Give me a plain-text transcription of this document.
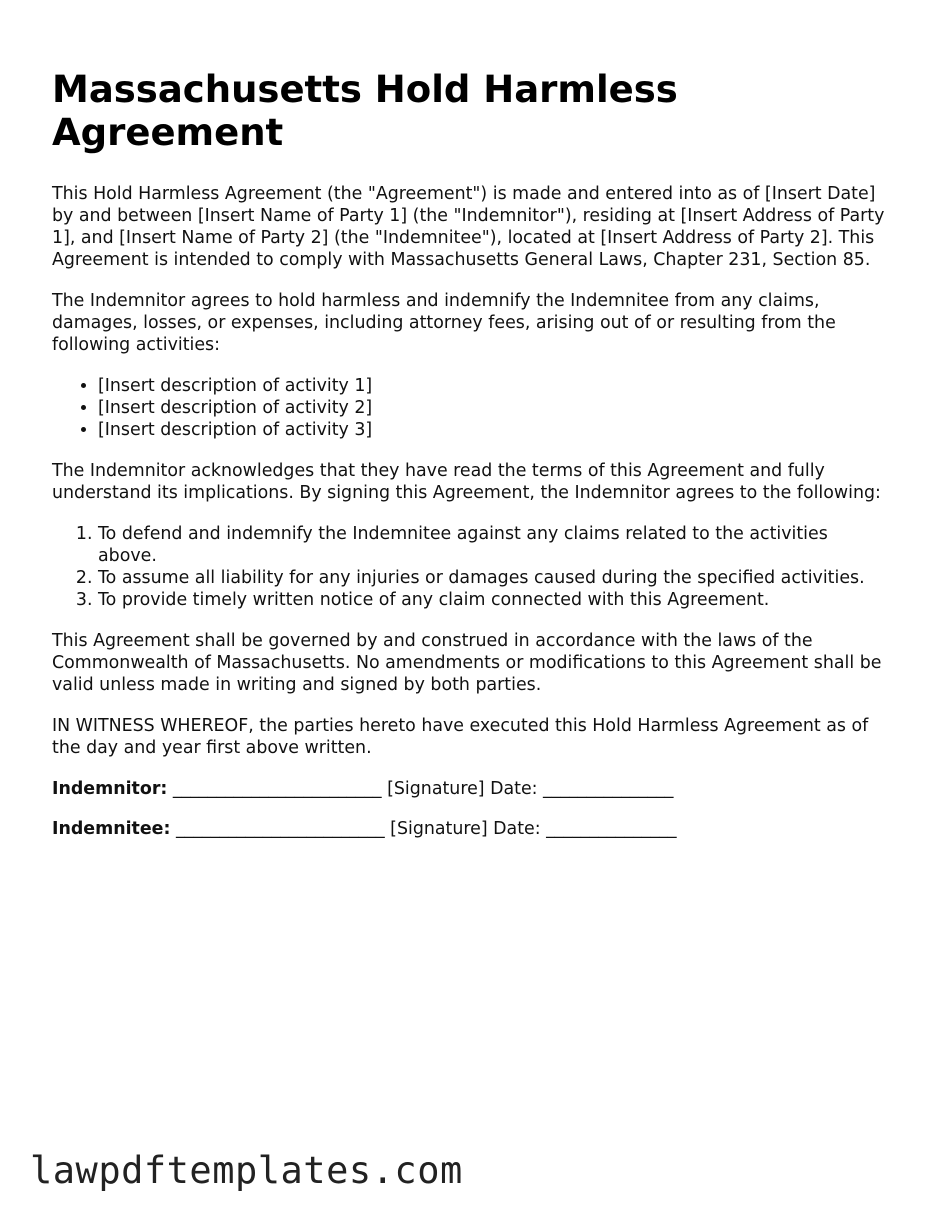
Massachusetts Hold Harmless Agreement

This Hold Harmless Agreement (the "Agreement") is made and entered into as of [Insert Date] by and between [Insert Name of Party 1] (the "Indemnitor"), residing at [Insert Address of Party 1], and [Insert Name of Party 2] (the "Indemnitee"), located at [Insert Address of Party 2]. This Agreement is intended to comply with Massachusetts General Laws, Chapter 231, Section 85.

The Indemnitor agrees to hold harmless and indemnify the Indemnitee from any claims, damages, losses, or expenses, including attorney fees, arising out of or resulting from the following activities:

• [Insert description of activity 1]
• [Insert description of activity 2]
• [Insert description of activity 3]

The Indemnitor acknowledges that they have read the terms of this Agreement and fully understand its implications. By signing this Agreement, the Indemnitor agrees to the following:

1. To defend and indemnify the Indemnitee against any claims related to the activities above.
2. To assume all liability for any injuries or damages caused during the specified activities.
3. To provide timely written notice of any claim connected with this Agreement.

This Agreement shall be governed by and construed in accordance with the laws of the Commonwealth of Massachusetts. No amendments or modifications to this Agreement shall be valid unless made in writing and signed by both parties.

IN WITNESS WHEREOF, the parties hereto have executed this Hold Harmless Agreement as of the day and year first above written.

Indemnitor: ________________________ [Signature] Date: _______________
Indemnitee: ________________________ [Signature] Date: _______________
lawpdftemplates.com
